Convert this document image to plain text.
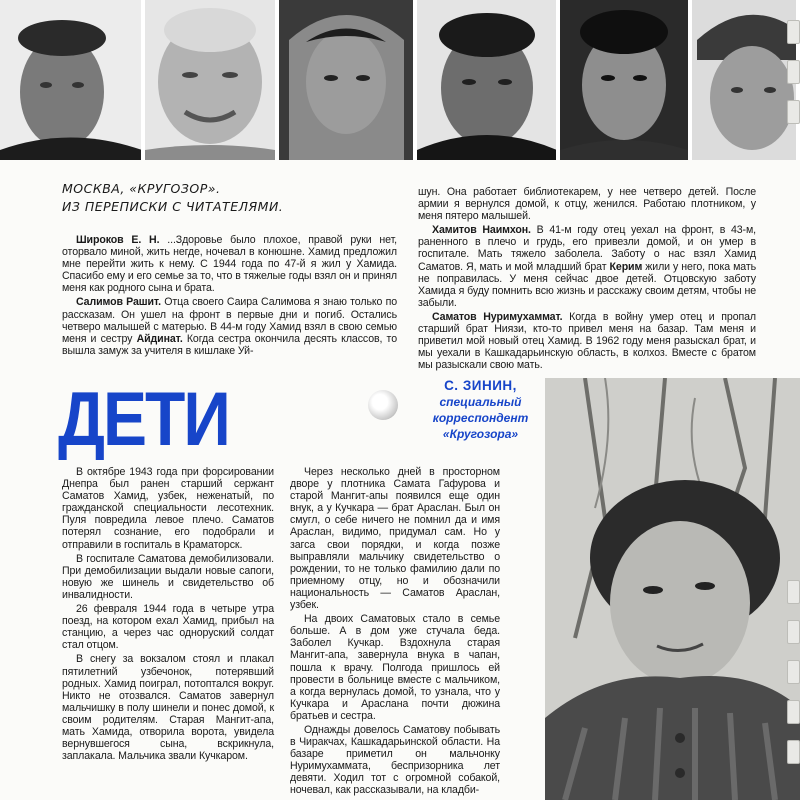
МОСКВА, «КРУГОЗОР».
ИЗ ПЕРЕПИСКИ С ЧИТАТЕЛЯМИ.

Широков Е. Н. ...Здоровье было плохое, правой руки нет, оторвало миной, жить негде, ночевал в конюшне. Хамид предложил мне перейти жить к нему. С 1944 года по 47-й я жил у Хамида. Спасибо ему и его семье за то, что в тяжелые годы взял он и принял меня как родного сына и брата.

Салимов Рашит. Отца своего Саира Салимова я знаю только по рассказам. Он ушел на фронт в первые дни и погиб. Остались четверо малышей с матерью. В 44-м году Хамид взял в свою семью меня и сестру Айдинат. Когда сестра окончила десять классов, то вышла замуж за учителя в кишлаке Уй-

шун. Она работает библиотекарем, у нее четверо детей. После армии я вернулся домой, к отцу, женился. Работаю плотником, у меня пятеро малышей.

Хамитов Наимхон. В 41-м году отец уехал на фронт, в 43-м, раненного в плечо и грудь, его привезли домой, и он умер в госпитале. Мать тяжело заболела. Заботу о нас взял Хамид Саматов. Я, мать и мой младший брат Керим жили у него, пока мать не поправилась. У меня сейчас двое детей. Отцовскую заботу Хамида я буду помнить всю жизнь и расскажу своим детям, чтобы не забыли.

Саматов Нуримухаммат. Когда в войну умер отец и пропал старший брат Ниязи, кто-то привел меня на базар. Там меня и приветил мой новый отец Хамид. В 1962 году меня разыскал брат, и мы уехали в Кашкадарьинскую область, в колхоз. Вместе с братом мы разыскали свою мать.

ДЕТИ	С. ЗИНИН,
специальный
корреспондент
«Кругозора»

В октябре 1943 года при форсировании Днепра был ранен старший сержант Саматов Хамид, узбек, неженатый, по гражданской специальности лесотехник. Пуля повредила левое плечо. Саматов потерял сознание, его подобрали и отправили в госпиталь в Краматорск.

В госпитале Саматова демобилизовали. При демобилизации выдали новые сапоги, новую же шинель и свидетельство об инвалидности.

26 февраля 1944 года в четыре утра поезд, на котором ехал Хамид, прибыл на станцию, а через час одноруский солдат стал отцом.

В снегу за вокзалом стоял и плакал пятилетний узбечонок, потерявший родных. Хамид поиграл, потоптался вокруг. Никто не отозвался. Саматов завернул мальчишку в полу шинели и понес домой, к своим родителям. Старая Мангит-апа, мать Хамида, отворила ворота, увидела вернувшегося сына, вскрикнула, заплакала. Мальчика звали Кучкаром.

Через несколько дней в просторном дворе у плотника Самата Гафурова и старой Мангит-апы появился еще один внук, а у Кучкара — брат Араслан. Был он смугл, о себе ничего не помнил да и имя Араслан, видимо, придумал сам. Но у загса свои порядки, и когда позже выправляли мальчику свидетельство о рождении, то не только фамилию дали по приемному отцу, но и обозначили национальность — Саматов Араслан, узбек.

На двоих Саматовых стало в семье больше. А в дом уже стучала беда. Заболел Кучкар. Вздохнула старая Мангит-апа, завернула внука в чапан, пошла к врачу. Полгода пришлось ей провести в больнице вместе с мальчиком, а когда вернулась домой, то узнала, что у Кучкара и Арaслана почти дюжина братьев и сестра.

Однажды довелось Саматову побывать в Чиракчах, Кашкадарьинской области. На базаре приметил он мальчонку Нуримухаммата, беспризорника лет девяти. Ходил тот с огромной собакой, ночевал, как рассказывали, на кладби-
